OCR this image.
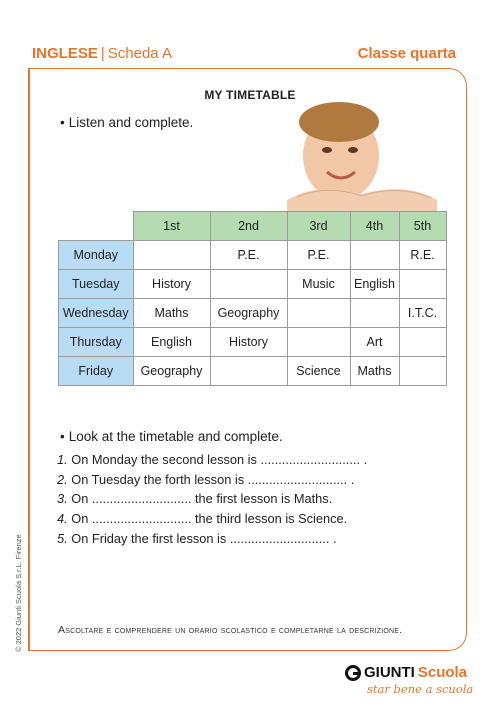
INGLESE | Scheda A	Classe quarta
MY TIMETABLE
• Listen and complete.
	1st	2nd	3rd	4th	5th
Monday		P.E.	P.E.		R.E.
Tuesday	History		Music	English	
Wednesday	Maths	Geography			I.T.C.
Thursday	English	History		Art	
Friday	Geography		Science	Maths	
• Look at the timetable and complete.
1. On Monday the second lesson is ............................ .
2. On Tuesday the forth lesson is ............................ .
3. On ............................ the first lesson is Maths.
4. On ............................ the third lesson is Science.
5. On Friday the first lesson is ............................ .
Ascoltare e comprendere un orario scolastico e completarne la descrizione.
© 2022 Giunti Scuola S.r.L. Firenze
GIUNTI Scuola
star bene a scuola
